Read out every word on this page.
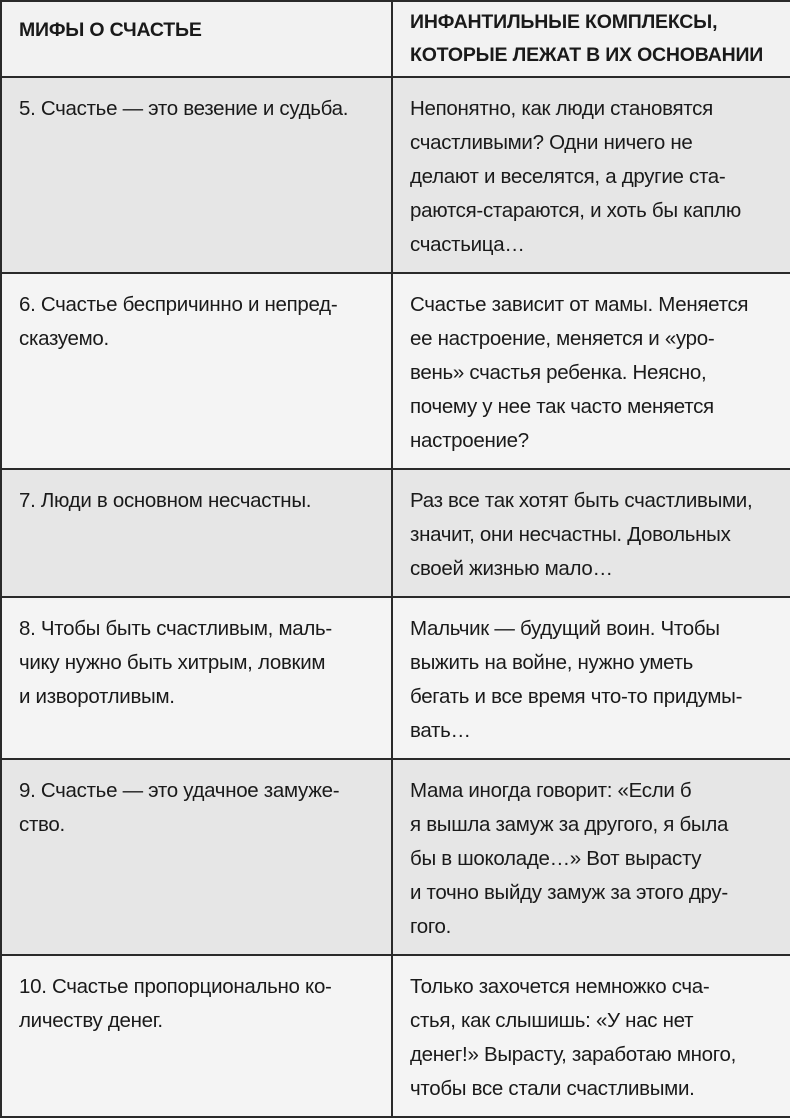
МИФЫ О СЧАСТЬЕ	ИНФАНТИЛЬНЫЕ КОМПЛЕКСЫ,
КОТОРЫЕ ЛЕЖАТ В ИХ ОСНОВАНИИ

5. Счастье — это везение и судьба.	Непонятно, как люди становятся
счастливыми? Одни ничего не
делают и веселятся, а другие ста-
раются-стараются, и хоть бы каплю
счастьица…

6. Счастье беспричинно и непред-
сказуемо.	Счастье зависит от мамы. Меняется
ее настроение, меняется и «уро-
вень» счастья ребенка. Неясно,
почему у нее так часто меняется
настроение?

7. Люди в основном несчастны.	Раз все так хотят быть счастливыми,
значит, они несчастны. Довольных
своей жизнью мало…

8. Чтобы быть счастливым, маль-
чику нужно быть хитрым, ловким
и изворотливым.	Мальчик — будущий воин. Чтобы
выжить на войне, нужно уметь
бегать и все время что-то придумы-
вать…

9. Счастье — это удачное замуже-
ство.	Мама иногда говорит: «Если б
я вышла замуж за другого, я была
бы в шоколаде…» Вот вырасту
и точно выйду замуж за этого дру-
гого.

10. Счастье пропорционально ко-
личеству денег.	Только захочется немножко сча-
стья, как слышишь: «У нас нет
денег!» Вырасту, заработаю много,
чтобы все стали счастливыми.
